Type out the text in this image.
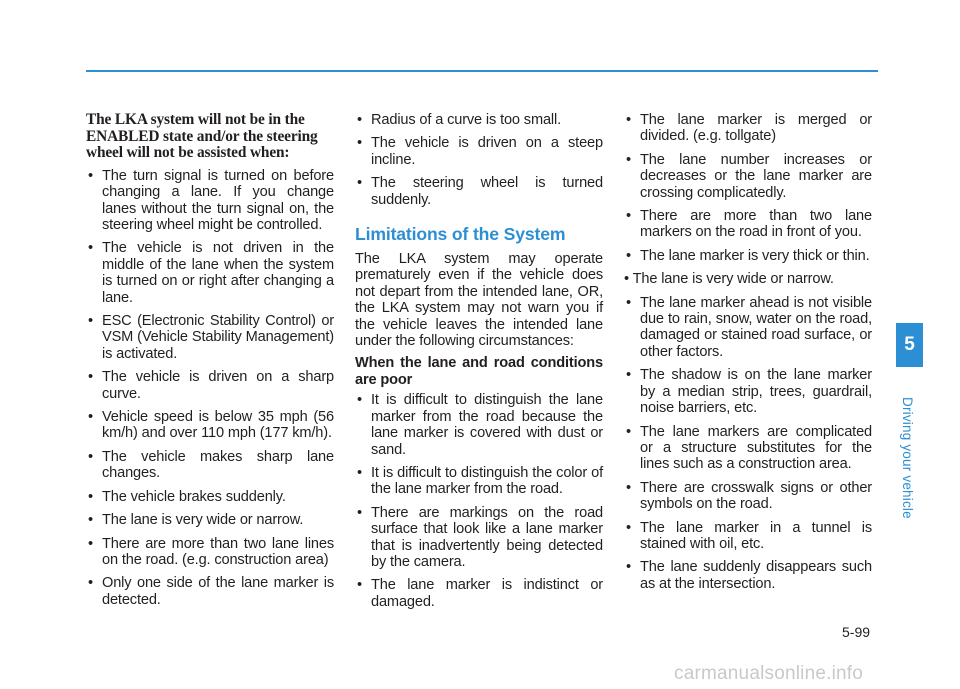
The LKA system will not be in the ENABLED state and/or the steering wheel will not be assisted when:

• The turn signal is turned on before changing a lane. If you change lanes without the turn signal on, the steering wheel might be controlled.
• The vehicle is not driven in the middle of the lane when the system is turned on or right after changing a lane.
• ESC (Electronic Stability Control) or VSM (Vehicle Stability Management) is activated.
• The vehicle is driven on a sharp curve.
• Vehicle speed is below 35 mph (56 km/h) and over 110 mph (177 km/h).
• The vehicle makes sharp lane changes.
• The vehicle brakes suddenly.
• The lane is very wide or narrow.
• There are more than two lane lines on the road. (e.g. construction area)
• Only one side of the lane marker is detected.
• Radius of a curve is too small.
• The vehicle is driven on a steep incline.
• The steering wheel is turned suddenly.
Limitations of the System

The LKA system may operate prematurely even if the vehicle does not depart from the intended lane, OR, the LKA system may not warn you if the vehicle leaves the intended lane under the following circumstances:

When the lane and road conditions are poor

• It is difficult to distinguish the lane marker from the road because the lane marker is covered with dust or sand.
• It is difficult to distinguish the color of the lane marker from the road.
• There are markings on the road surface that look like a lane marker that is inadvertently being detected by the camera.
• The lane marker is indistinct or damaged.
• The lane marker is merged or divided. (e.g. tollgate)
• The lane number increases or decreases or the lane marker are crossing complicatedly.
• There are more than two lane markers on the road in front of you.
• The lane marker is very thick or thin.
• The lane is very wide or narrow.
• The lane marker ahead is not visible due to rain, snow, water on the road, damaged or stained road surface, or other factors.
• The shadow is on the lane marker by a median strip, trees, guardrail, noise barriers, etc.
• The lane markers are complicated or a structure substitutes for the lines such as a construction area.
• There are crosswalk signs or other symbols on the road.
• The lane marker in a tunnel is stained with oil, etc.
• The lane suddenly disappears such as at the intersection.
5
Driving your vehicle
5-99
carmanualsonline.info
